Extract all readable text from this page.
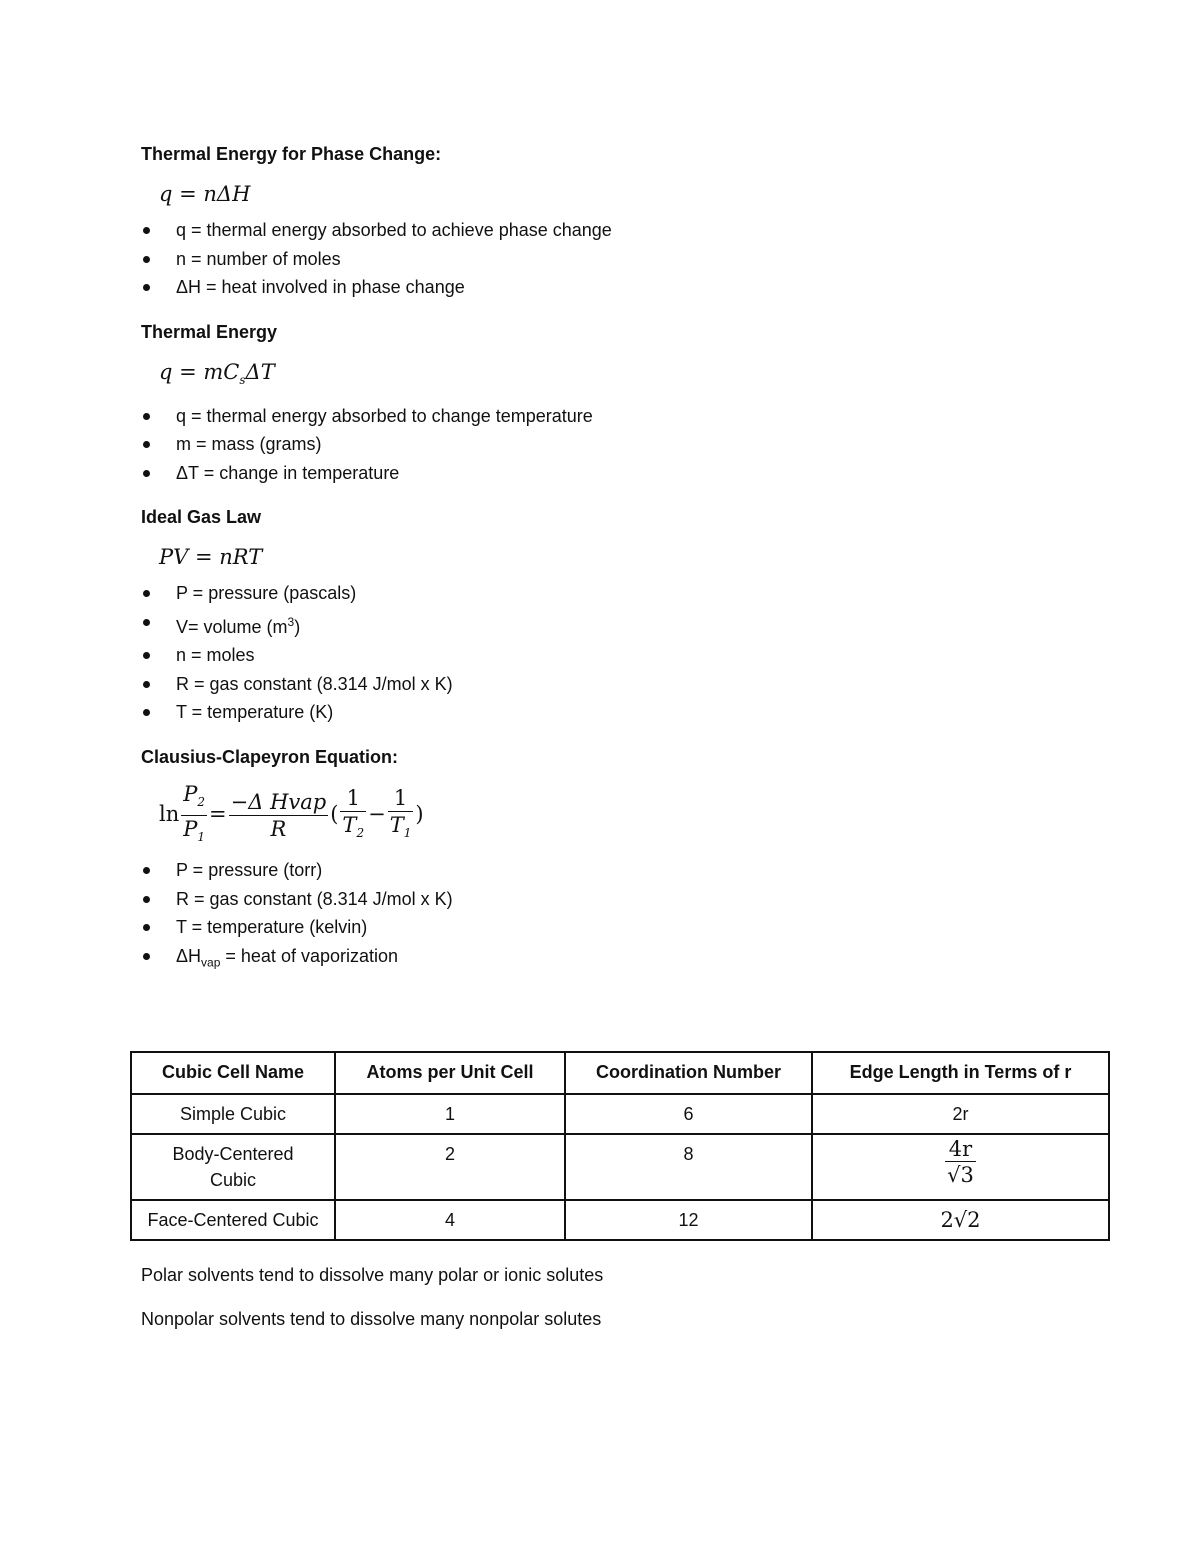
Thermal Energy for Phase Change:

q = nΔH
q = thermal energy absorbed to achieve phase change
n = number of moles
ΔH = heat involved in phase change

Thermal Energy

$q = mC_s\Delta T$
q = thermal energy absorbed to change temperature
m = mass (grams)
ΔT = change in temperature

Ideal Gas Law

PV = nRT
P = pressure (pascals)
V= volume $(m^3)$
n = moles
R = gas constant (8.314 J/mol x K)
T = temperature (K)

Clausius-Clapeyron Equation:

$\ln \frac{P_2}{P_1} = \frac{\text{−Δ Hvap}}{R}$ ( $\frac{1}{T_2} - \frac{1}{T_1}$ )
P = pressure (torr)
R = gas constant (8.314 J/mol x K)
T = temperature (kelvin)
$\Delta H_{vap}$ = heat of vaporization
Cubic Cell Name	Atoms per Unit Cell	Coordination Number	Edge Length in Terms of r
Simple Cubic	1	6	2r
Body-Centered Cubic	2	8	$\frac{4r}{√3}$

Face-Centered Cubic	4	12	2√2

Polar solvents tend to dissolve many polar or ionic solutes

Nonpolar solvents tend to dissolve many nonpolar solutes
